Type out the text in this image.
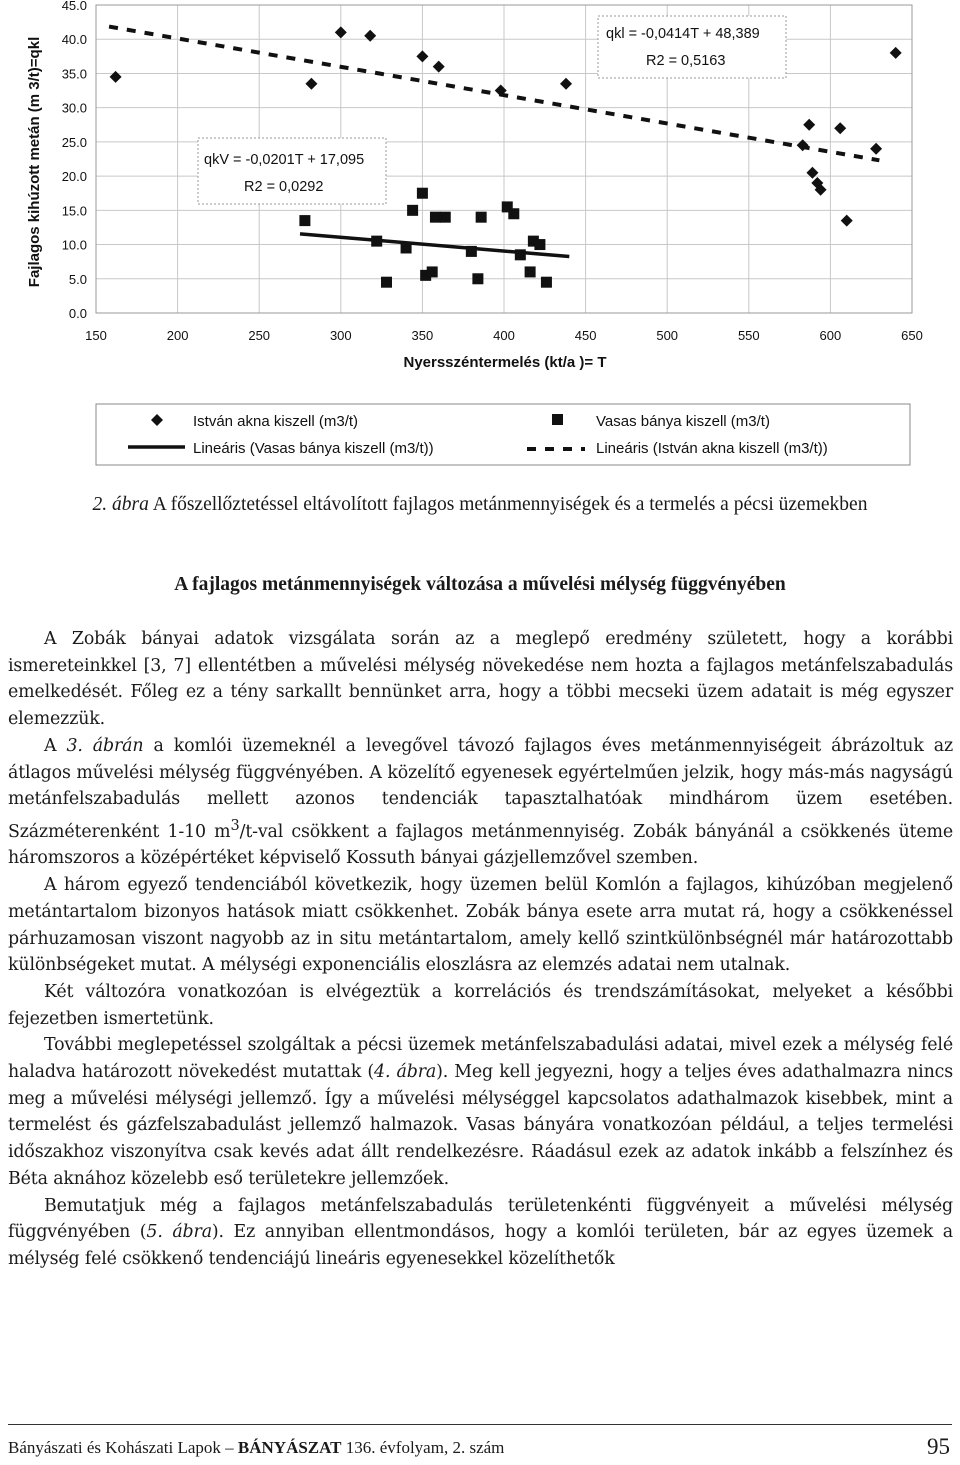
0.0
5.0
10.0
15.0
20.0
25.0
30.0
35.0
40.0
45.0
150	200	250	300	350	400	450	500	550	600	650
Fajlagos kihúzott metán (m 3/t)=qkl
Nyersszéntermelés (kt/a )= T
qkl = -0,0414T + 48,389
R2 = 0,5163
qkV = -0,0201T + 17,095
R2 = 0,0292
István akna kiszell (m3/t)	Vasas bánya kiszell (m3/t)
Lineáris (Vasas bánya kiszell (m3/t))	Lineáris (István akna kiszell (m3/t))
2. ábra A főszellőztetéssel eltávolított fajlagos metánmennyiségek és a termelés a pécsi üzemekben
A fajlagos metánmennyiségek változása a művelési mélység függvényében

A Zobák bányai adatok vizsgálata során az a meglepő eredmény született, hogy a korábbi ismereteinkkel [3, 7] ellentétben a művelési mélység növekedése nem hozta a fajlagos metánfelszabadulás emelkedését. Főleg ez a tény sarkallt bennünket arra, hogy a többi mecseki üzem adatait is még egyszer elemezzük.

A 3. ábrán a komlói üzemeknél a levegővel távozó fajlagos éves metánmennyiségeit ábrázoltuk az átlagos művelési mélység függvényében. A közelítő egyenesek egyértelműen jelzik, hogy más-más nagyságú metánfelszabadulás mellett azonos tendenciák tapasztalhatóak mindhárom üzem esetében. Százméterenként 1-10 $m^3/t$-val csökkent a fajlagos metánmennyiség. Zobák bányánál a csökkenés üteme háromszoros a középértéket képviselő Kossuth bányai gázjellemzővel szemben.

A három egyező tendenciából következik, hogy üzemen belül Komlón a fajlagos, kihúzóban megjelenő metántartalom bizonyos hatások miatt csökkenhet. Zobák bánya esete arra mutat rá, hogy a csökkenéssel párhuzamosan viszont nagyobb az in situ metántartalom, amely kellő szintkülönbségnél már határozottabb különbségeket mutat. A mélységi exponenciális eloszlásra az elemzés adatai nem utalnak.

Két változóra vonatkozóan is elvégeztük a korrelációs és trendszámításokat, melyeket a későbbi fejezetben ismertetünk.

További meglepetéssel szolgáltak a pécsi üzemek metánfelszabadulási adatai, mivel ezek a mélység felé haladva határozott növekedést mutattak (4. ábra). Meg kell jegyezni, hogy a teljes éves adathalmazra nincs meg a művelési mélységi jellemző. Így a művelési mélységgel kapcsolatos adathalmazok kisebbek, mint a termelést és gázfelszabadulást jellemző halmazok. Vasas bányára vonatkozóan például, a teljes termelési időszakhoz viszonyítva csak kevés adat állt rendelkezésre. Ráadásul ezek az adatok inkább a felszínhez és Béta aknához közelebb eső területekre jellemzőek.

Bemutatjuk még a fajlagos metánfelszabadulás területenkénti függvényeit a művelési mélység függvényében (5. ábra). Ez annyiban ellentmondásos, hogy a komlói területen, bár az egyes üzemek a mélység felé csökkenő tendenciájú lineáris egyenesekkel közelíthetők

Bányászati és Kohászati Lapok – BÁNYÁSZAT 136. évfolyam, 2. szám	95
